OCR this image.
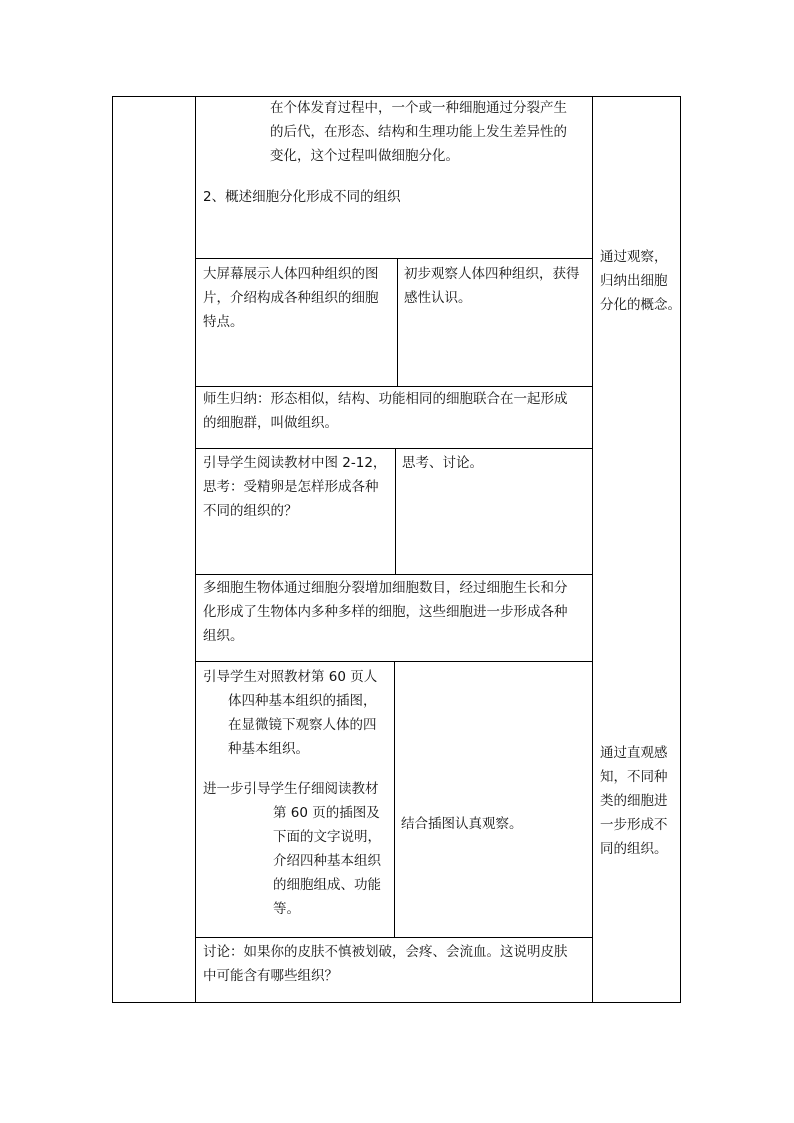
在个体发育过程中，一个或一种细胞通过分裂产生
的后代，在形态、结构和生理功能上发生差异性的
变化，这个过程叫做细胞分化。
2、概述细胞分化形成不同的组织
大屏幕展示人体四种组织的图
片，介绍构成各种组织的细胞
特点。
初步观察人体四种组织，获得
感性认识。
师生归纳：形态相似，结构、功能相同的细胞联合在一起形成
的细胞群，叫做组织。
引导学生阅读教材中图 2-12，
思考：受精卵是怎样形成各种
不同的组织的？
思考、讨论。
多细胞生物体通过细胞分裂增加细胞数目，经过细胞生长和分
化形成了生物体内多种多样的细胞，这些细胞进一步形成各种
组织。
引导学生对照教材第 60 页人
体四种基本组织的插图，
在显微镜下观察人体的四
种基本组织。
进一步引导学生仔细阅读教材
第 60 页的插图及
下面的文字说明，
介绍四种基本组织
的细胞组成、功能
等。
结合插图认真观察。
讨论：如果你的皮肤不慎被划破，会疼、会流血。这说明皮肤
中可能含有哪些组织？
通过观察，
归纳出细胞
分化的概念。
通过直观感
知，不同种
类的细胞进
一步形成不
同的组织。
